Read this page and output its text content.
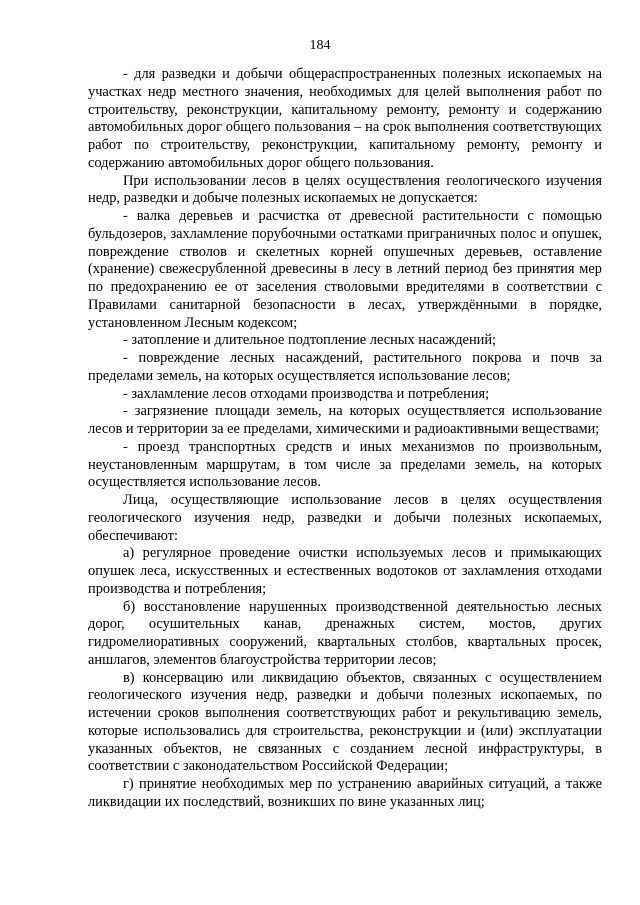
184

- для разведки и добычи общераспространенных полезных ископаемых на участках недр местного значения, необходимых для целей выполнения работ по строительству, реконструкции, капитальному ремонту, ремонту и содержанию автомобильных дорог общего пользования – на срок выполнения соответствующих работ по строительству, реконструкции, капитальному ремонту, ремонту и содержанию автомобильных дорог общего пользования.

При использовании лесов в целях осуществления геологического изучения недр, разведки и добыче полезных ископаемых не допускается:

- валка деревьев и расчистка от древесной растительности с помощью бульдозеров, захламление порубочными остатками приграничных полос и опушек, повреждение стволов и скелетных корней опушечных деревьев, оставление (хранение) свежесрубленной древесины в лесу в летний период без принятия мер по предохранению ее от заселения стволовыми вредителями в соответствии с Правилами санитарной безопасности в лесах, утверждёнными в порядке, установленном Лесным кодексом;

- затопление и длительное подтопление лесных насаждений;

- повреждение лесных насаждений, растительного покрова и почв за пределами земель, на которых осуществляется использование лесов;

- захламление лесов отходами производства и потребления;

- загрязнение площади земель, на которых осуществляется использование лесов и территории за ее пределами, химическими и радиоактивными веществами;

- проезд транспортных средств и иных механизмов по произвольным, неустановленным маршрутам, в том числе за пределами земель, на которых осуществляется использование лесов.

Лица, осуществляющие использование лесов в целях осуществления геологического изучения недр, разведки и добычи полезных ископаемых, обеспечивают:

а) регулярное проведение очистки используемых лесов и примыкающих опушек леса, искусственных и естественных водотоков от захламления отходами производства и потребления;

б) восстановление нарушенных производственной деятельностью лесных дорог, осушительных канав, дренажных систем, мостов, других гидромелиоративных сооружений, квартальных столбов, квартальных просек, аншлагов, элементов благоустройства территории лесов;

в) консервацию или ликвидацию объектов, связанных с осуществлением геологического изучения недр, разведки и добычи полезных ископаемых, по истечении сроков выполнения соответствующих работ и рекультивацию земель, которые использовались для строительства, реконструкции и (или) эксплуатации указанных объектов, не связанных с созданием лесной инфраструктуры, в соответствии с законодательством Российской Федерации;

г) принятие необходимых мер по устранению аварийных ситуаций, а также ликвидации их последствий, возникших по вине указанных лиц;
